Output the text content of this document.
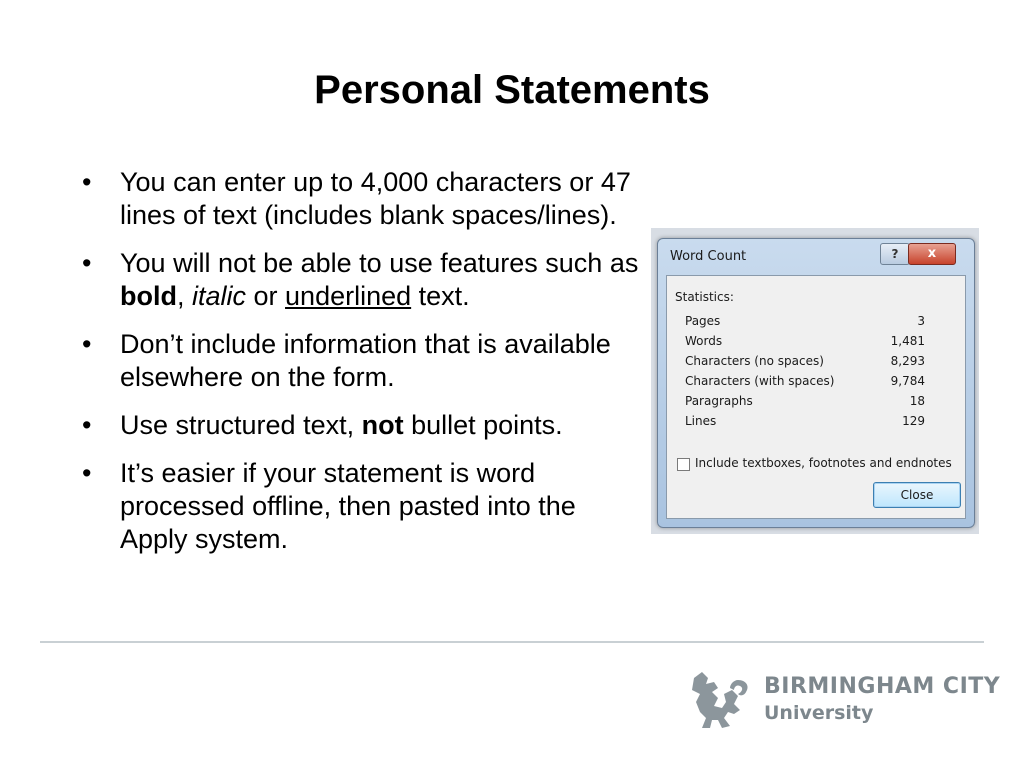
Personal Statements
• You can enter up to 4,000 characters or 47 lines of text (includes blank spaces/lines).
• You will not be able to use features such as bold, italic or underlined text.
• Don’t include information that is available elsewhere on the form.
• Use structured text, not bullet points.
• It’s easier if your statement is word processed offline, then pasted into the Apply system.
Word Count	?	x
Statistics:
Pages	3
Words	1,481
Characters (no spaces)	8,293
Characters (with spaces)	9,784
Paragraphs	18
Lines	129
Include textboxes, footnotes and endnotes
Close
BIRMINGHAM CITY
University
